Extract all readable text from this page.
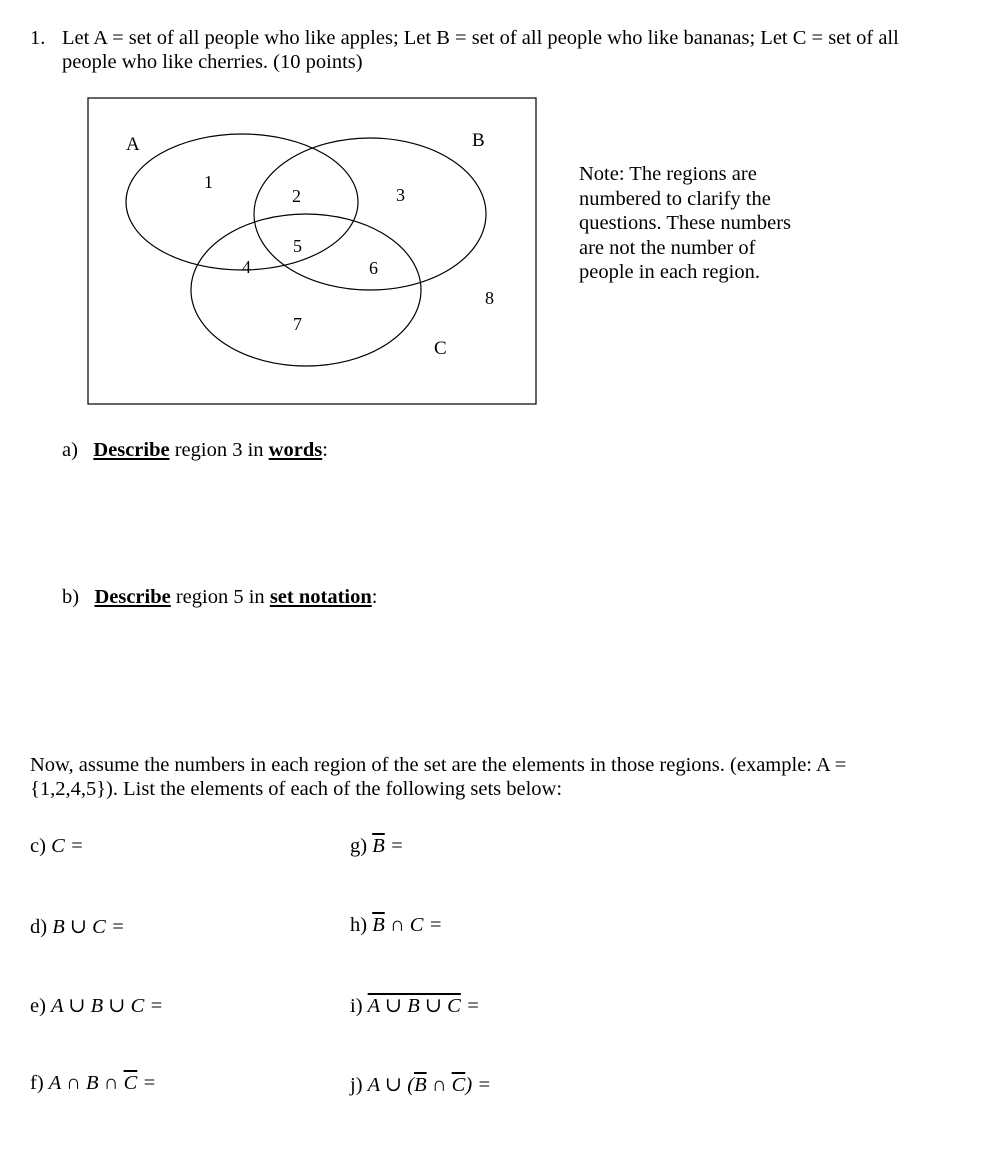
1. Let A = set of all people who like apples; Let B = set of all people who like bananas; Let C = set of all
people who like cherries. (10 points)
A	B
C
1
2	3
4
5
6
7
8
Note: The regions are
numbered to clarify the
questions. These numbers
are not the number of
people in each region.
a) Describe region 3 in words:
b) Describe region 5 in set notation:
Now, assume the numbers in each region of the set are the elements in those regions. (example: A =
{1,2,4,5}). List the elements of each of the following sets below:
c) C =
d) B ∪ C =
e) A ∪ B ∪ C =
f) A ∩ B ∩ $\overline{C}$ =
g) $\overline{B}$ =
h) $\overline{B}$ ∩ C =
i) A ∪ B ∪ C =
j) A ∪ ($\overline{B}$ ∩ $\overline{C}$) =
